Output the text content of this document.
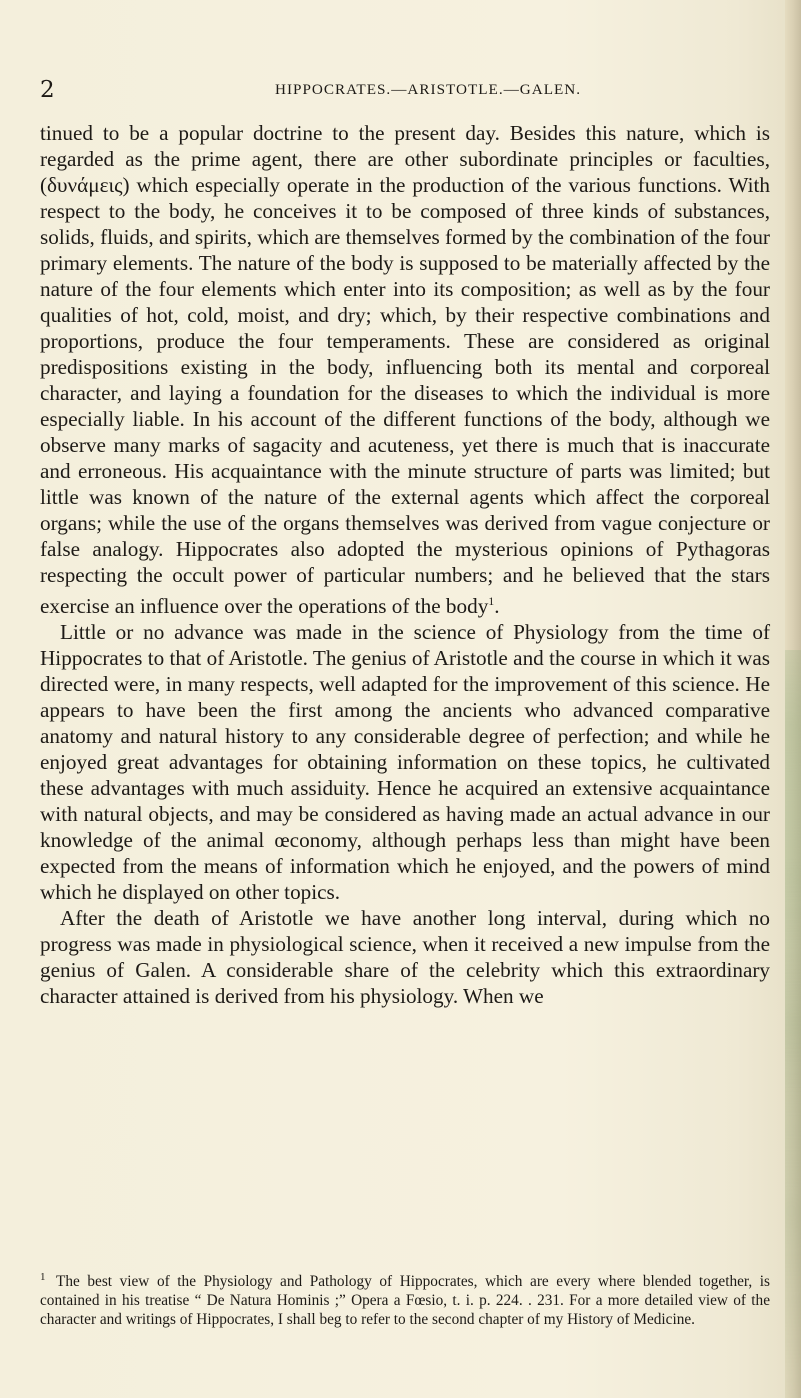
2	HIPPOCRATES.—ARISTOTLE.—GALEN.

tinued to be a popular doctrine to the present day. Besides this nature, which is regarded as the prime agent, there are other subordinate principles or faculties, (δυνάμεις) which especially operate in the production of the various functions. With respect to the body, he conceives it to be composed of three kinds of substances, solids, fluids, and spirits, which are themselves formed by the combination of the four primary elements. The nature of the body is supposed to be materially affected by the nature of the four elements which enter into its composition; as well as by the four qualities of hot, cold, moist, and dry; which, by their respective combinations and proportions, produce the four temperaments. These are considered as original predispositions existing in the body, influencing both its mental and corporeal character, and laying a foundation for the diseases to which the individual is more especially liable. In his account of the different functions of the body, although we observe many marks of sagacity and acuteness, yet there is much that is inaccurate and erroneous. His acquaintance with the minute structure of parts was limited; but little was known of the nature of the external agents which affect the corporeal organs; while the use of the organs themselves was derived from vague conjecture or false analogy. Hippocrates also adopted the mysterious opinions of Pythagoras respecting the occult power of particular numbers; and he believed that the stars exercise an influence over the operations of the body$^1$.

Little or no advance was made in the science of Physiology from the time of Hippocrates to that of Aristotle. The genius of Aristotle and the course in which it was directed were, in many respects, well adapted for the improvement of this science. He appears to have been the first among the ancients who advanced comparative anatomy and natural history to any considerable degree of perfection; and while he enjoyed great advantages for obtaining information on these topics, he cultivated these advantages with much assiduity. Hence he acquired an extensive acquaintance with natural objects, and may be considered as having made an actual advance in our knowledge of the animal œconomy, although perhaps less than might have been expected from the means of information which he enjoyed, and the powers of mind which he displayed on other topics.

After the death of Aristotle we have another long interval, during which no progress was made in physiological science, when it received a new impulse from the genius of Galen. A considerable share of the celebrity which this extraordinary character attained is derived from his physiology. When we

1 The best view of the Physiology and Pathology of Hippocrates, which are every where blended together, is contained in his treatise “ De Natura Hominis ;” Opera a Fœsio, t. i. p. 224. . 231. For a more detailed view of the character and writings of Hippocrates, I shall beg to refer to the second chapter of my History of Medicine.
